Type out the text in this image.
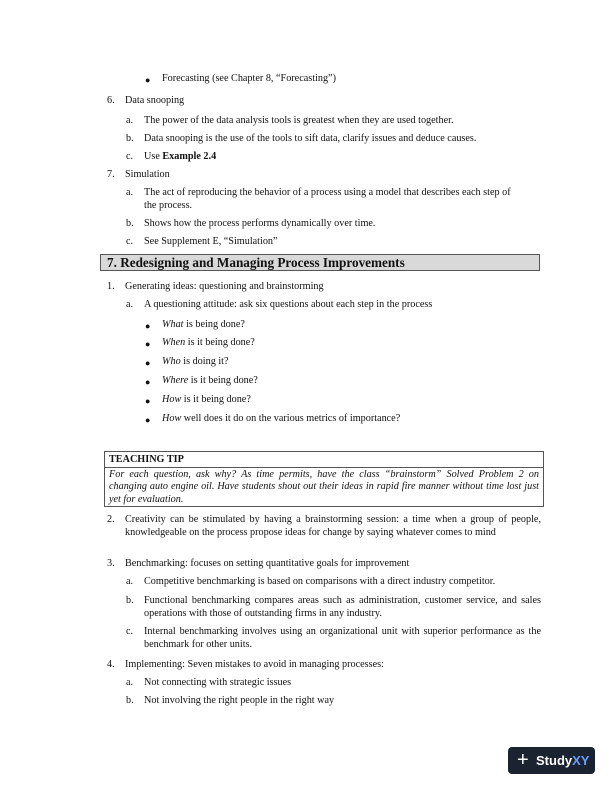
● Forecasting (see Chapter 8, “Forecasting”)
6. Data snooping
a. The power of the data analysis tools is greatest when they are used together.
b. Data snooping is the use of the tools to sift data, clarify issues and deduce causes.
c. Use Example 2.4
7. Simulation
a. The act of reproducing the behavior of a process using a model that describes each step of
the process.
b. Shows how the process performs dynamically over time.
c. See Supplement E, “Simulation”
7. Redesigning and Managing Process Improvements
1. Generating ideas: questioning and brainstorming
a. A questioning attitude: ask six questions about each step in the process
● What is being done?
● When is it being done?
● Who is doing it?
● Where is it being done?
● How is it being done?
● How well does it do on the various metrics of importance?
TEACHING TIP
For each question, ask why? As time permits, have the class “brainstorm” Solved Problem 2 on changing auto engine oil. Have students shout out their ideas in rapid fire manner without time lost just yet for evaluation.
2. Creativity can be stimulated by having a brainstorming session: a time when a group of people, knowledgeable on the process propose ideas for change by saying whatever comes to mind
3. Benchmarking: focuses on setting quantitative goals for improvement
a. Competitive benchmarking is based on comparisons with a direct industry competitor.
b. Functional benchmarking compares areas such as administration, customer service, and sales operations with those of outstanding firms in any industry.
c. Internal benchmarking involves using an organizational unit with superior performance as the benchmark for other units.
4. Implementing: Seven mistakes to avoid in managing processes:
a. Not connecting with strategic issues
b. Not involving the right people in the right way
+ StudyXY
